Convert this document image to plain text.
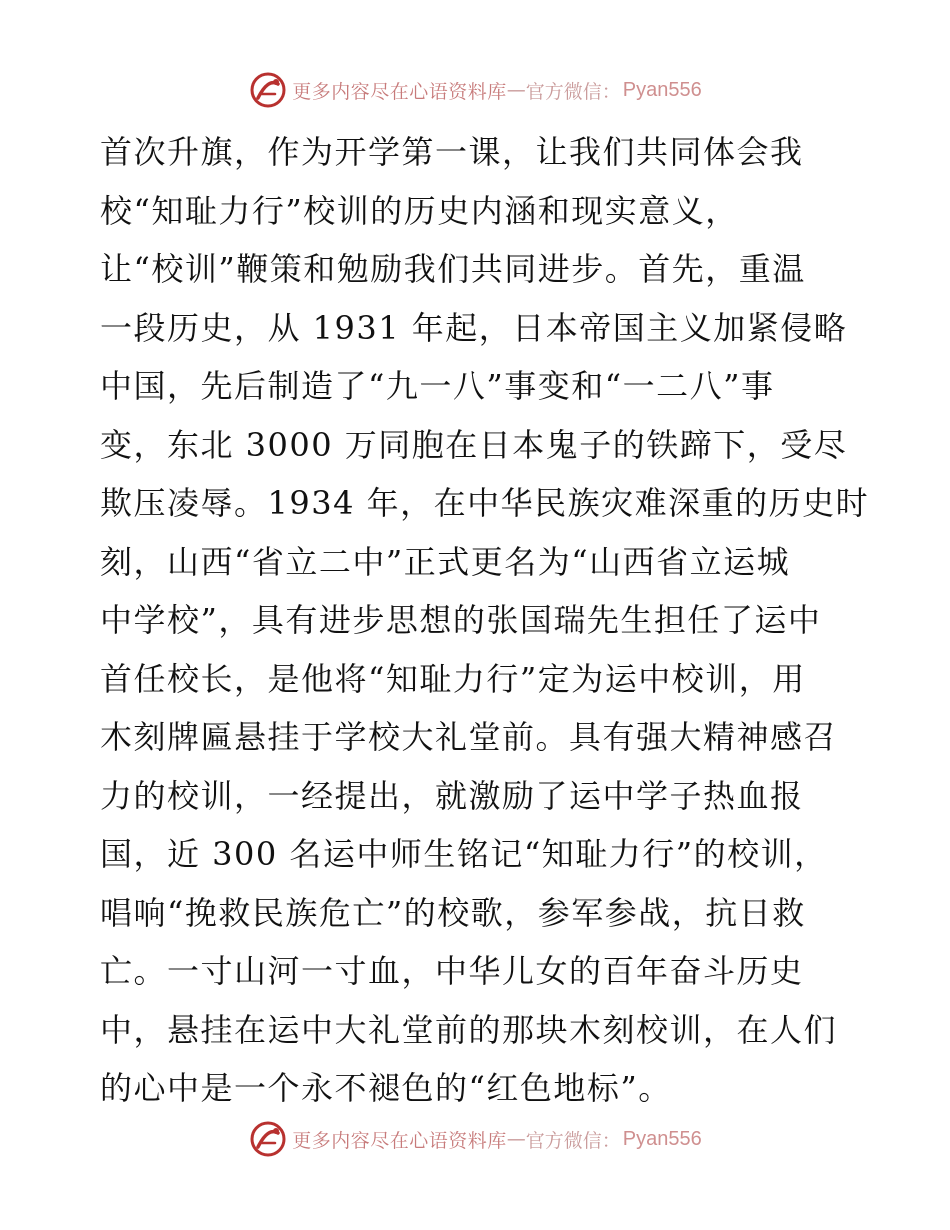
更多内容尽在心语资料库 — 官方微信： Pyan556
首次升旗，作为开学第一课，让我们共同体会我
校“知耻力行”校训的历史内涵和现实意义，
让“校训”鞭策和勉励我们共同进步。首先，重温
一段历史，从 1931 年起，日本帝国主义加紧侵略
中国，先后制造了“九一八”事变和“一二八”事
变，东北 3000 万同胞在日本鬼子的铁蹄下，受尽
欺压凌辱。1934 年，在中华民族灾难深重的历史时
刻，山西“省立二中”正式更名为“山西省立运城
中学校”，具有进步思想的张国瑞先生担任了运中
首任校长，是他将“知耻力行”定为运中校训，用
木刻牌匾悬挂于学校大礼堂前。具有强大精神感召
力的校训，一经提出，就激励了运中学子热血报
国，近 300 名运中师生铭记“知耻力行”的校训，
唱响“挽救民族危亡”的校歌，参军参战，抗日救
亡。一寸山河一寸血，中华儿女的百年奋斗历史
中，悬挂在运中大礼堂前的那块木刻校训，在人们
的心中是一个永不褪色的“红色地标”。
更多内容尽在心语资料库 — 官方微信： Pyan556
